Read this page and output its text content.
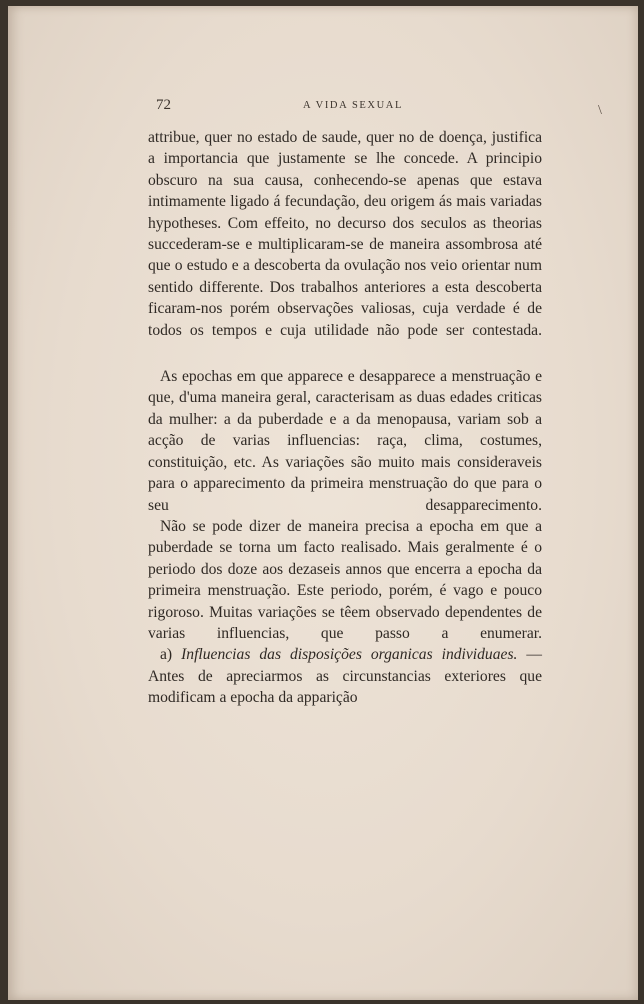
72	A VIDA SEXUAL	\

attribue, quer no estado de saude, quer no de doença, justifica a importancia que justamente se lhe concede. A principio obscuro na sua causa, conhecendo-se apenas que estava intimamente ligado á fecundação, deu origem ás mais variadas hypotheses. Com effeito, no decurso dos seculos as theorias succederam-se e multiplicaram-se de maneira assombrosa até que o estudo e a descoberta da ovulação nos veio orientar num sentido differente. Dos trabalhos anteriores a esta descoberta ficaram-nos porém observações valiosas, cuja verdade é de todos os tempos e cuja utilidade não pode ser contestada.

As epochas em que apparece e desapparece a menstruação e que, d'uma maneira geral, caracterisam as duas edades criticas da mulher: a da puberdade e a da menopausa, variam sob a acção de varias influencias: raça, clima, costumes, constituição, etc. As variações são muito mais consideraveis para o apparecimento da primeira menstruação do que para o seu desapparecimento.

Não se pode dizer de maneira precisa a epocha em que a puberdade se torna um facto realisado. Mais geralmente é o periodo dos doze aos dezaseis annos que encerra a epocha da primeira menstruação. Este periodo, porém, é vago e pouco rigoroso. Muitas variações se têem observado dependentes de varias influencias, que passo a enumerar.

a) Influencias das disposições organicas individuaes. — Antes de apreciarmos as circunstancias exteriores que modificam a epocha da apparição
